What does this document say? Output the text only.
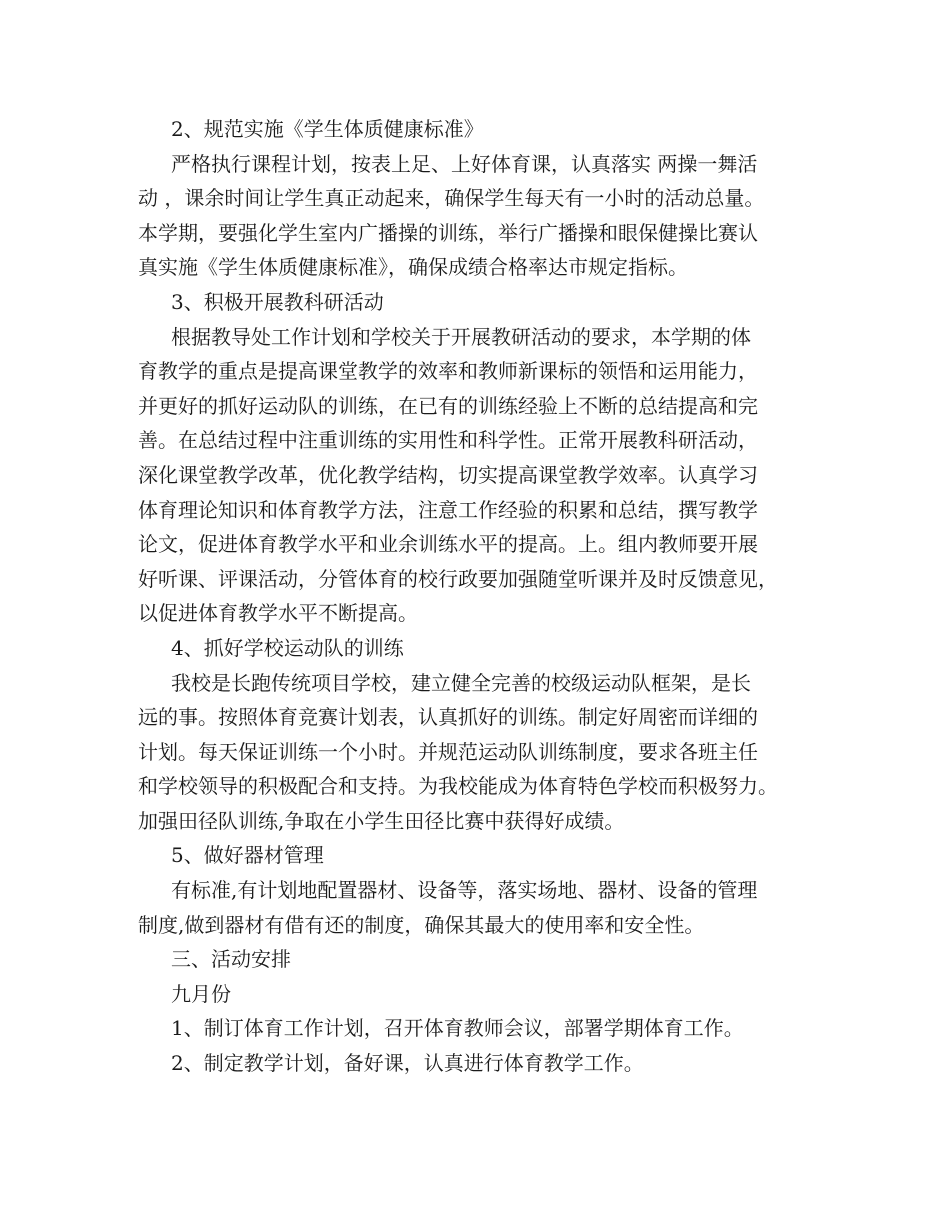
2、规范实施《学生体质健康标准》
严格执行课程计划，按表上足、上好体育课，认真落实 两操一舞活
动 ，课余时间让学生真正动起来，确保学生每天有一小时的活动总量。
本学期，要强化学生室内广播操的训练，举行广播操和眼保健操比赛认
真实施《学生体质健康标准》，确保成绩合格率达市规定指标。
3、积极开展教科研活动
根据教导处工作计划和学校关于开展教研活动的要求，本学期的体
育教学的重点是提高课堂教学的效率和教师新课标的领悟和运用能力，
并更好的抓好运动队的训练，在已有的训练经验上不断的总结提高和完
善。在总结过程中注重训练的实用性和科学性。正常开展教科研活动，
深化课堂教学改革，优化教学结构，切实提高课堂教学效率。认真学习
体育理论知识和体育教学方法，注意工作经验的积累和总结，撰写教学
论文，促进体育教学水平和业余训练水平的提高。上。组内教师要开展
好听课、评课活动，分管体育的校行政要加强随堂听课并及时反馈意见，
以促进体育教学水平不断提高。
4、抓好学校运动队的训练
我校是长跑传统项目学校，建立健全完善的校级运动队框架，是长
远的事。按照体育竞赛计划表，认真抓好的训练。制定好周密而详细的
计划。每天保证训练一个小时。并规范运动队训练制度，要求各班主任
和学校领导的积极配合和支持。为我校能成为体育特色学校而积极努力。
加强田径队训练,争取在小学生田径比赛中获得好成绩。
5、做好器材管理
有标准,有计划地配置器材、设备等，落实场地、器材、设备的管理
制度,做到器材有借有还的制度，确保其最大的使用率和安全性。
三、活动安排
九月份
1、制订体育工作计划，召开体育教师会议，部署学期体育工作。
2、制定教学计划，备好课，认真进行体育教学工作。
